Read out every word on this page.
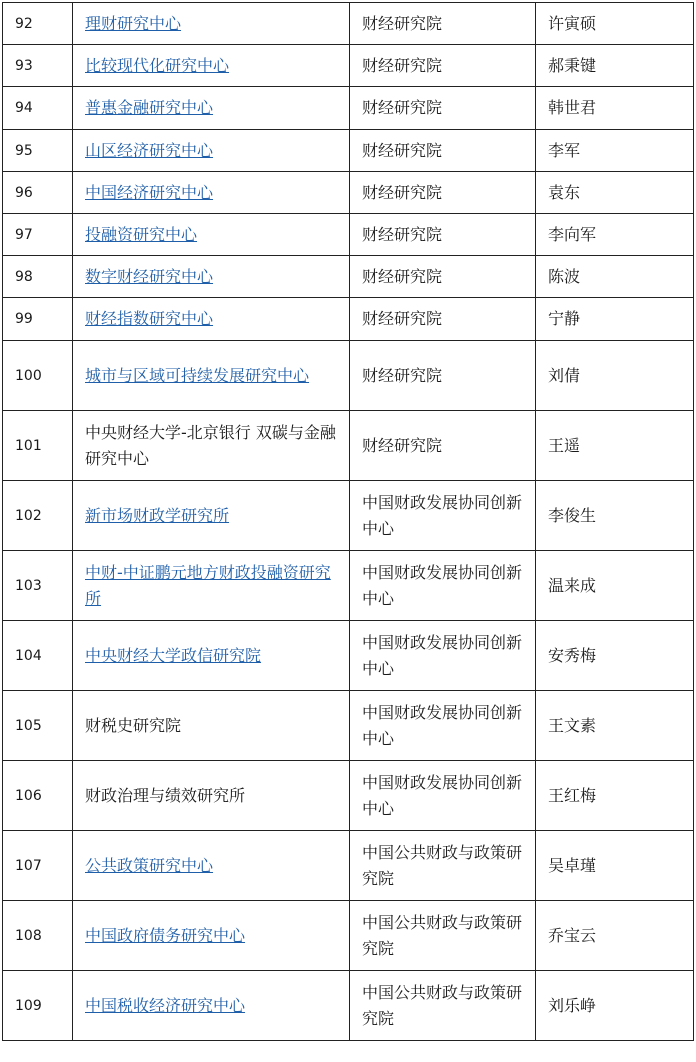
92	理财研究中心	财经研究院	许寅硕
93	比较现代化研究中心	财经研究院	郝秉键
94	普惠金融研究中心	财经研究院	韩世君
95	山区经济研究中心	财经研究院	李军
96	中国经济研究中心	财经研究院	袁东
97	投融资研究中心	财经研究院	李向军
98	数字财经研究中心	财经研究院	陈波
99	财经指数研究中心	财经研究院	宁静
100	城市与区域可持续发展研究中心	财经研究院	刘倩
101	中央财经大学-北京银行 双碳与金融研究中心	财经研究院	王遥
102	新市场财政学研究所	中国财政发展协同创新中心	李俊生
103	中财-中证鹏元地方财政投融资研究所	中国财政发展协同创新中心	温来成
104	中央财经大学政信研究院	中国财政发展协同创新中心	安秀梅
105	财税史研究院	中国财政发展协同创新中心	王文素
106	财政治理与绩效研究所	中国财政发展协同创新中心	王红梅
107	公共政策研究中心	中国公共财政与政策研究院	吴卓瑾
108	中国政府债务研究中心	中国公共财政与政策研究院	乔宝云
109	中国税收经济研究中心	中国公共财政与政策研究院	刘乐峥
